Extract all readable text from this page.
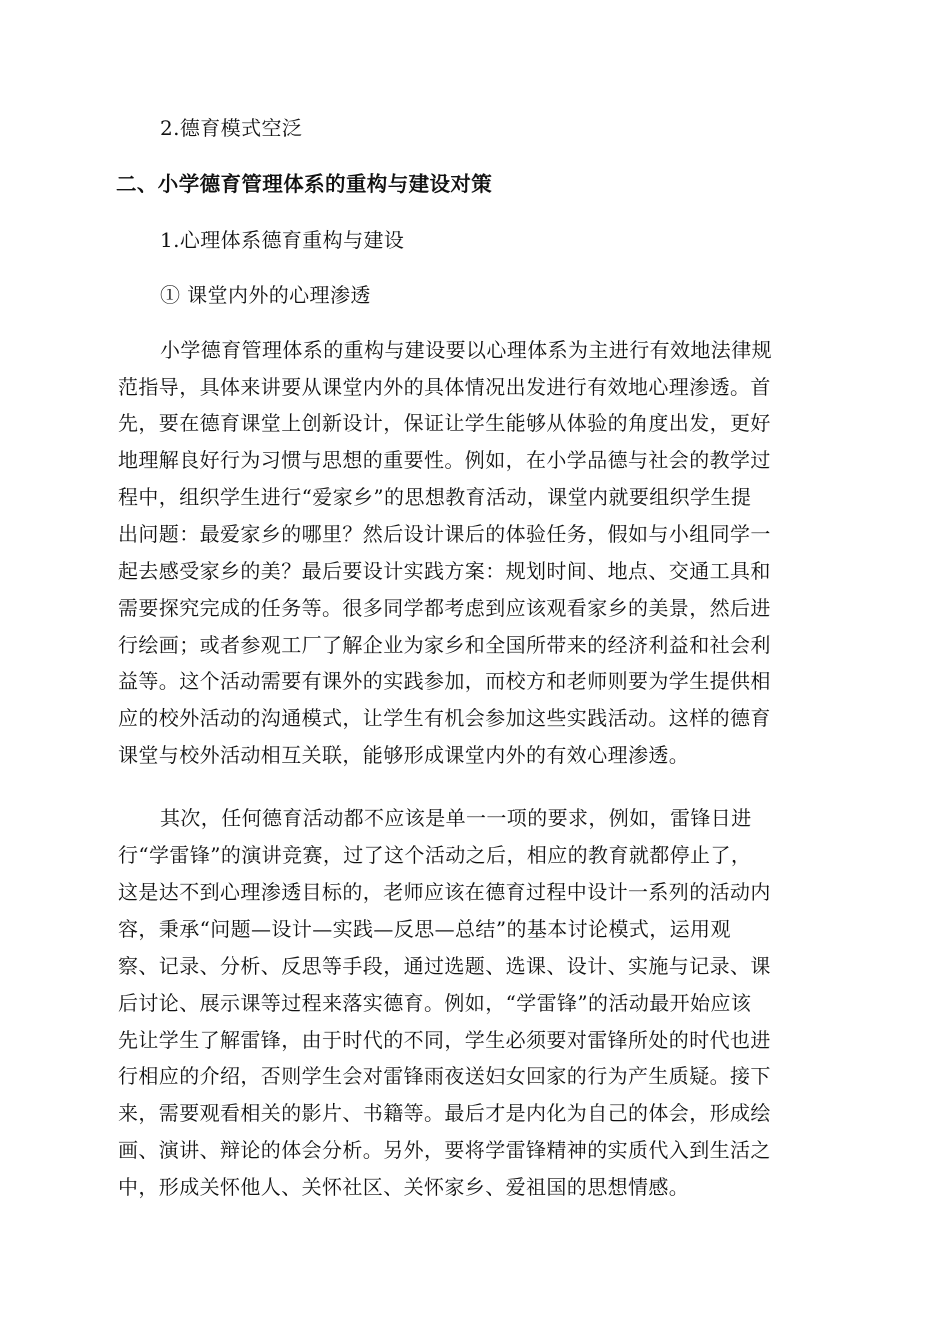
2.德育模式空泛
二、小学德育管理体系的重构与建设对策
1.心理体系德育重构与建设
① 课堂内外的心理渗透
小学德育管理体系的重构与建设要以心理体系为主进行有效地法律规
范指导，具体来讲要从课堂内外的具体情况出发进行有效地心理渗透。首
先，要在德育课堂上创新设计，保证让学生能够从体验的角度出发，更好
地理解良好行为习惯与思想的重要性。例如，在小学品德与社会的教学过
程中，组织学生进行“爱家乡”的思想教育活动，课堂内就要组织学生提
出问题：最爱家乡的哪里？然后设计课后的体验任务，假如与小组同学一
起去感受家乡的美？最后要设计实践方案：规划时间、地点、交通工具和
需要探究完成的任务等。很多同学都考虑到应该观看家乡的美景，然后进
行绘画；或者参观工厂了解企业为家乡和全国所带来的经济利益和社会利
益等。这个活动需要有课外的实践参加，而校方和老师则要为学生提供相
应的校外活动的沟通模式，让学生有机会参加这些实践活动。这样的德育
课堂与校外活动相互关联，能够形成课堂内外的有效心理渗透。
其次，任何德育活动都不应该是单一一项的要求，例如，雷锋日进
行“学雷锋”的演讲竞赛，过了这个活动之后，相应的教育就都停止了，
这是达不到心理渗透目标的，老师应该在德育过程中设计一系列的活动内
容，秉承“问题—设计—实践—反思—总结”的基本讨论模式，运用观
察、记录、分析、反思等手段，通过选题、选课、设计、实施与记录、课
后讨论、展示课等过程来落实德育。例如，“学雷锋”的活动最开始应该
先让学生了解雷锋，由于时代的不同，学生必须要对雷锋所处的时代也进
行相应的介绍，否则学生会对雷锋雨夜送妇女回家的行为产生质疑。接下
来，需要观看相关的影片、书籍等。最后才是内化为自己的体会，形成绘
画、演讲、辩论的体会分析。另外，要将学雷锋精神的实质代入到生活之
中，形成关怀他人、关怀社区、关怀家乡、爱祖国的思想情感。
